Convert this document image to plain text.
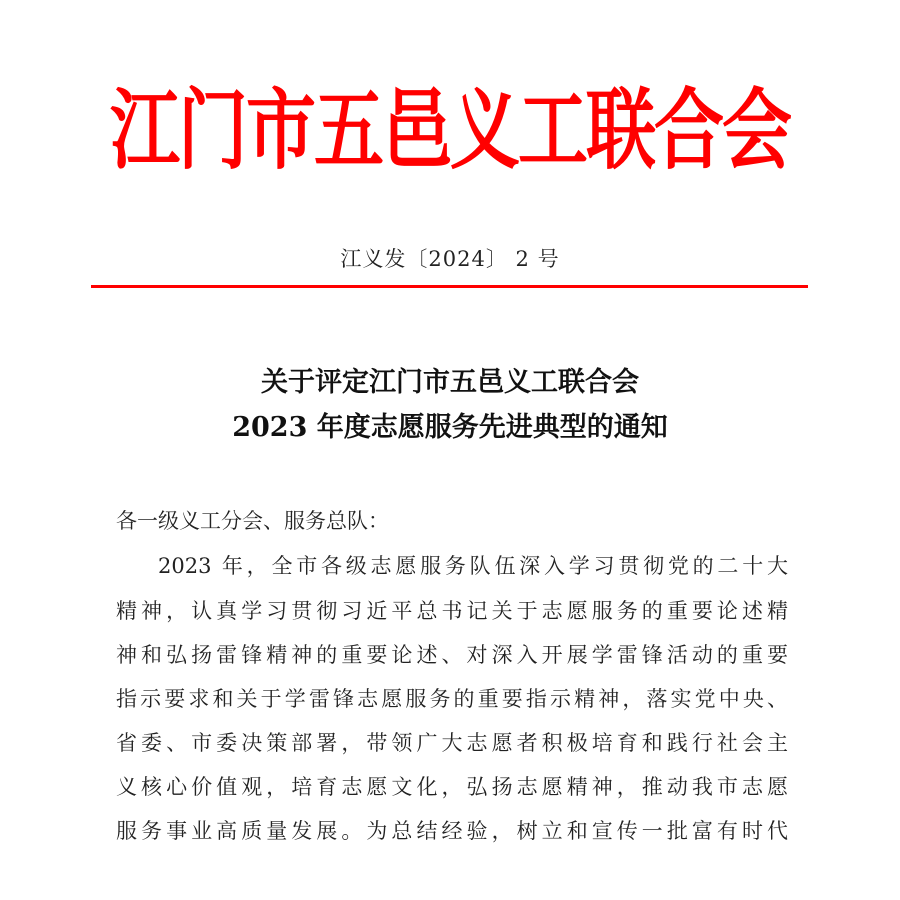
江门市五邑义工联合会
江义发〔2024〕 2 号
关于评定江门市五邑义工联合会
2023 年度志愿服务先进典型的通知
各一级义工分会、服务总队：
2023 年，全市各级志愿服务队伍深入学习贯彻党的二十大
精神，认真学习贯彻习近平总书记关于志愿服务的重要论述精
神和弘扬雷锋精神的重要论述、对深入开展学雷锋活动的重要
指示要求和关于学雷锋志愿服务的重要指示精神，落实党中央、
省委、市委决策部署，带领广大志愿者积极培育和践行社会主
义核心价值观，培育志愿文化，弘扬志愿精神，推动我市志愿
服务事业高质量发展。为总结经验，树立和宣传一批富有时代
